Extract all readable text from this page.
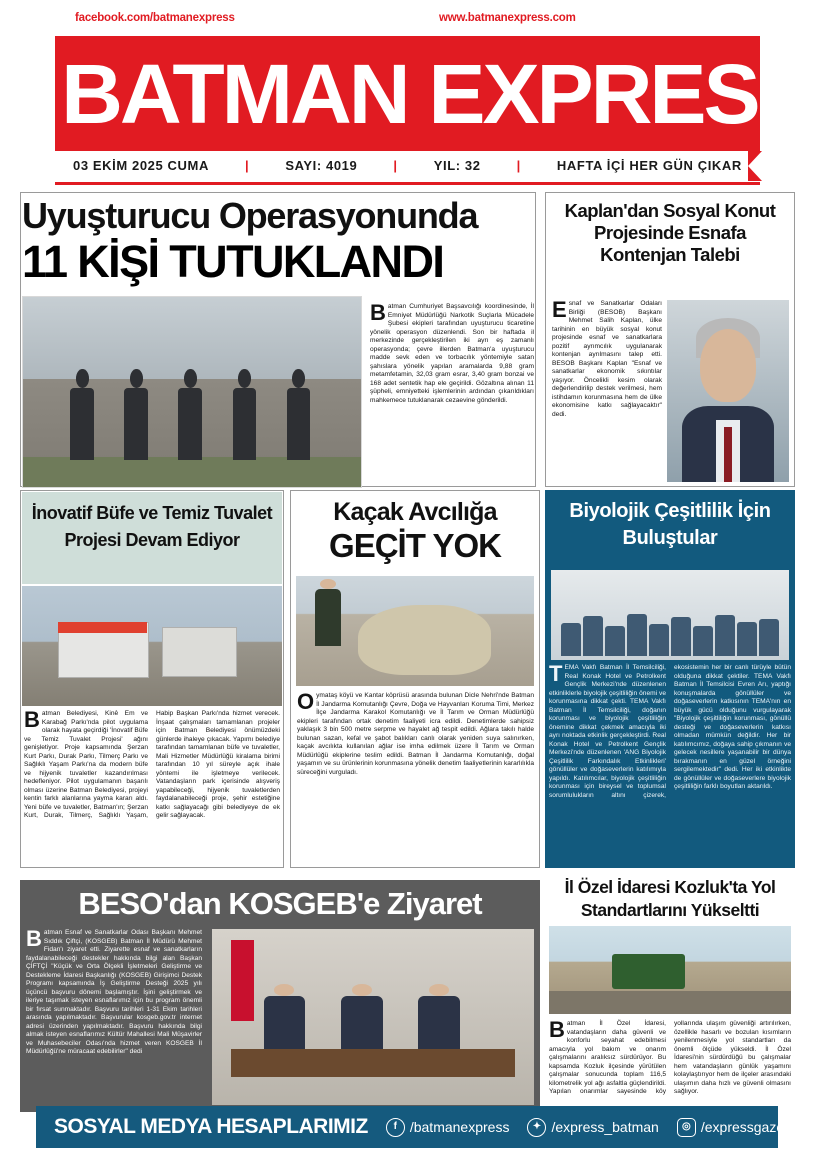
BATMAN EXPRESS
facebook.com/batmanexpress	www.batmanexpress.com
03 EKİM 2025 CUMA	|	SAYI: 4019	|	YIL: 32	|	HAFTA İÇİ HER GÜN ÇIKAR
Uyuşturucu Operasyonunda
11 KİŞİ TUTUKLANDI
Batman Cumhuriyet Başsavcılığı koordinesinde, İl Emniyet Müdürlüğü Narkotik Suçlarla Mücadele Şubesi ekipleri tarafından uyuşturucu ticaretine yönelik operasyon düzenlendi. Son bir haftada il merkezinde gerçekleştirilen iki ayrı eş zamanlı operasyonda; çevre illerden Batman'a uyuşturucu madde sevk eden ve torbacılık yöntemiyle satan şahıslara yönelik yapılan aramalarda 9,88 gram metamfetamin, 32,03 gram esrar, 3,40 gram bonzai ve 168 adet sentetik hap ele geçirildi. Gözaltına alınan 11 şüpheli, emniyetteki işlemlerinin ardından çıkarıldıkları mahkemece tutuklanarak cezaevine gönderildi.
Kaplan'dan Sosyal Konut Projesinde Esnafa Kontenjan Talebi
Esnaf ve Sanatkarlar Odaları Birliği (BESOB) Başkanı Mehmet Salih Kaplan, ülke tarihinin en büyük sosyal konut projesinde esnaf ve sanatkarlara pozitif ayrımcılık uygulanarak kontenjan ayrılmasını talep etti. BESOB Başkanı Kaplan "Esnaf ve sanatkarlar ekonomik sıkıntılar yaşıyor. Öncelikli kesim olarak değerlendirilip destek verilmesi, hem istihdamın korunmasına hem de ülke ekonomisine katkı sağlayacaktır" dedi.
İnovatif Büfe ve Temiz Tuvalet Projesi Devam Ediyor
Batman Belediyesi, Kinê Em ve Karabağ Parkı'nda pilot uygulama olarak hayata geçirdiği 'İnovatif Büfe ve Temiz Tuvalet Projesi' ağını genişletiyor. Proje kapsamında Şerzan Kurt Parkı, Durak Parkı, Tilmerç Parkı ve Sağlıklı Yaşam Parkı'na da modern büfe ve hijyenik tuvaletler kazandırılması hedefleniyor. Pilot uygulamanın başarılı olması üzerine Batman Belediyesi, projeyi kentin farklı alanlarına yayma kararı aldı. Yeni büfe ve tuvaletler, Batman'ın; Şerzan Kurt, Durak, Tilmerç, Sağlıklı Yaşam, Habip Başkan Parkı'nda hizmet verecek. İnşaat çalışmaları tamamlanan projeler için Batman Belediyesi önümüzdeki günlerde ihaleye çıkacak. Yapımı belediye tarafından tamamlanan büfe ve tuvaletler, Mali Hizmetler Müdürlüğü kiralama birimi tarafından 10 yıl süreyle açık ihale yöntemi ile işletmeye verilecek. Vatandaşların park içerisinde alışveriş yapabileceği, hijyenik tuvaletlerden faydalanabileceği proje, şehir estetiğine katkı sağlayacağı gibi belediyeye de ek gelir sağlayacak.
Kaçak Avcılığa
GEÇİT YOK
Oymataş köyü ve Kantar köprüsü arasında bulunan Dicle Nehri'nde Batman İl Jandarma Komutanlığı Çevre, Doğa ve Hayvanları Koruma Timi, Merkez İlçe Jandarma Karakol Komutanlığı ve İl Tarım ve Orman Müdürlüğü ekipleri tarafından ortak denetim faaliyeti icra edildi. Denetimlerde sahipsiz yaklaşık 3 bin 500 metre serpme ve hayalet ağ tespit edildi. Ağlara takılı halde bulunan sazan, kefal ve şabot balıkları canlı olarak yeniden suya salınırken, kaçak avcılıkta kullanılan ağlar ise imha edilmek üzere İl Tarım ve Orman Müdürlüğü ekiplerine teslim edildi. Batman İl Jandarma Komutanlığı, doğal yaşamın ve su ürünlerinin korunmasına yönelik denetim faaliyetlerinin kararlılıkla süreceğini vurguladı.
Biyolojik Çeşitlilik İçin Buluştular
TEMA Vakfı Batman İl Temsilciliği, Real Konak Hotel ve Petrolkent Gençlik Merkezi'nde düzenlenen etkinliklerle biyolojik çeşitliliğin önemi ve korunmasına dikkat çekti. TEMA Vakfı Batman İl Temsilciliği, doğanın korunması ve biyolojik çeşitliliğin önemine dikkat çekmek amacıyla iki ayrı noktada etkinlik gerçekleştirdi. Real Konak Hotel ve Petrolkent Gençlik Merkezi'nde düzenlenen 'ANG Biyolojik Çeşitlilik Farkındalık Etkinlikleri' gönüllüler ve doğaseverlerin katılımıyla yapıldı. Katılımcılar, biyolojik çeşitliliğin korunması için bireysel ve toplumsal sorumlulukların altını çizerek, ekosistemin her bir canlı türüyle bütün olduğuna dikkat çektiler. TEMA Vakfı Batman İl Temsilcisi Evren Arı, yaptığı konuşmalarda gönüllüler ve doğaseverlerin katkısının TEMA'nın en büyük gücü olduğunu vurgulayarak "Biyolojik çeşitliliğin korunması, gönüllü desteği ve doğaseverlerin katkısı olmadan mümkün değildir. Her bir katılımcımız, doğaya sahip çıkmanın ve gelecek nesillere yaşanabilir bir dünya bırakmanın en güzel örneğini sergilemektedir" dedi. Her iki etkinlikte de gönüllüler ve doğaseverlere biyolojik çeşitliliğin farklı boyutları aktarıldı.
BESO'dan KOSGEB'e Ziyaret
Batman Esnaf ve Sanatkarlar Odası Başkanı Mehmet Sıddık Çiftçi, (KOSGEB) Batman İl Müdürü Mehmet Fidan'ı ziyaret etti. Ziyarette esnaf ve sanatkarların faydalanabileceği destekler hakkında bilgi alan Başkan ÇİFTÇİ "Küçük ve Orta Ölçekli İşletmeleri Geliştirme ve Destekleme İdaresi Başkanlığı (KOSGEB) Girişimci Destek Programı kapsamında İş Geliştirme Desteği 2025 yılı üçüncü başvuru dönemi başlamıştır. İşini geliştirmek ve ileriye taşımak isteyen esnaflarımız için bu program önemli bir fırsat sunmaktadır. Başvuru tarihleri 1-31 Ekim tarihleri arasında yapılmaktadır. Başvurular kosgeb.gov.tr internet adresi üzerinden yapılmaktadır. Başvuru hakkında bilgi almak isteyen esnaflarımız Kültür Mahallesi Mali Müşavirler ve Muhasebeciler Odası'nda hizmet veren KOSGEB İl Müdürlüğü'ne müracaat edebilirler" dedi
İl Özel İdaresi Kozluk'ta Yol Standartlarını Yükseltti
Batman İl Özel İdaresi, vatandaşların daha güvenli ve konforlu seyahat edebilmesi amacıyla yol bakım ve onarım çalışmalarını aralıksız sürdürüyor. Bu kapsamda Kozluk ilçesinde yürütülen çalışmalar sonucunda toplam 116,5 kilometrelik yol ağı asfaltla güçlendirildi. Yapılan onarımlar sayesinde köy yollarında ulaşım güvenliği artırılırken, özellikle hasarlı ve bozulan kısımların yenilenmesiyle yol standartları da önemli ölçüde yükseldi. İl Özel İdaresi'nin sürdürdüğü bu çalışmalar hem vatandaşların günlük yaşamını kolaylaştırıyor hem de ilçeler arasındaki ulaşımın daha hızlı ve güvenli olmasını sağlıyor.
SOSYAL MEDYA HESAPLARIMIZ	f /batmanexpress	✦ /express_batman	◎ /expressgazetesi
